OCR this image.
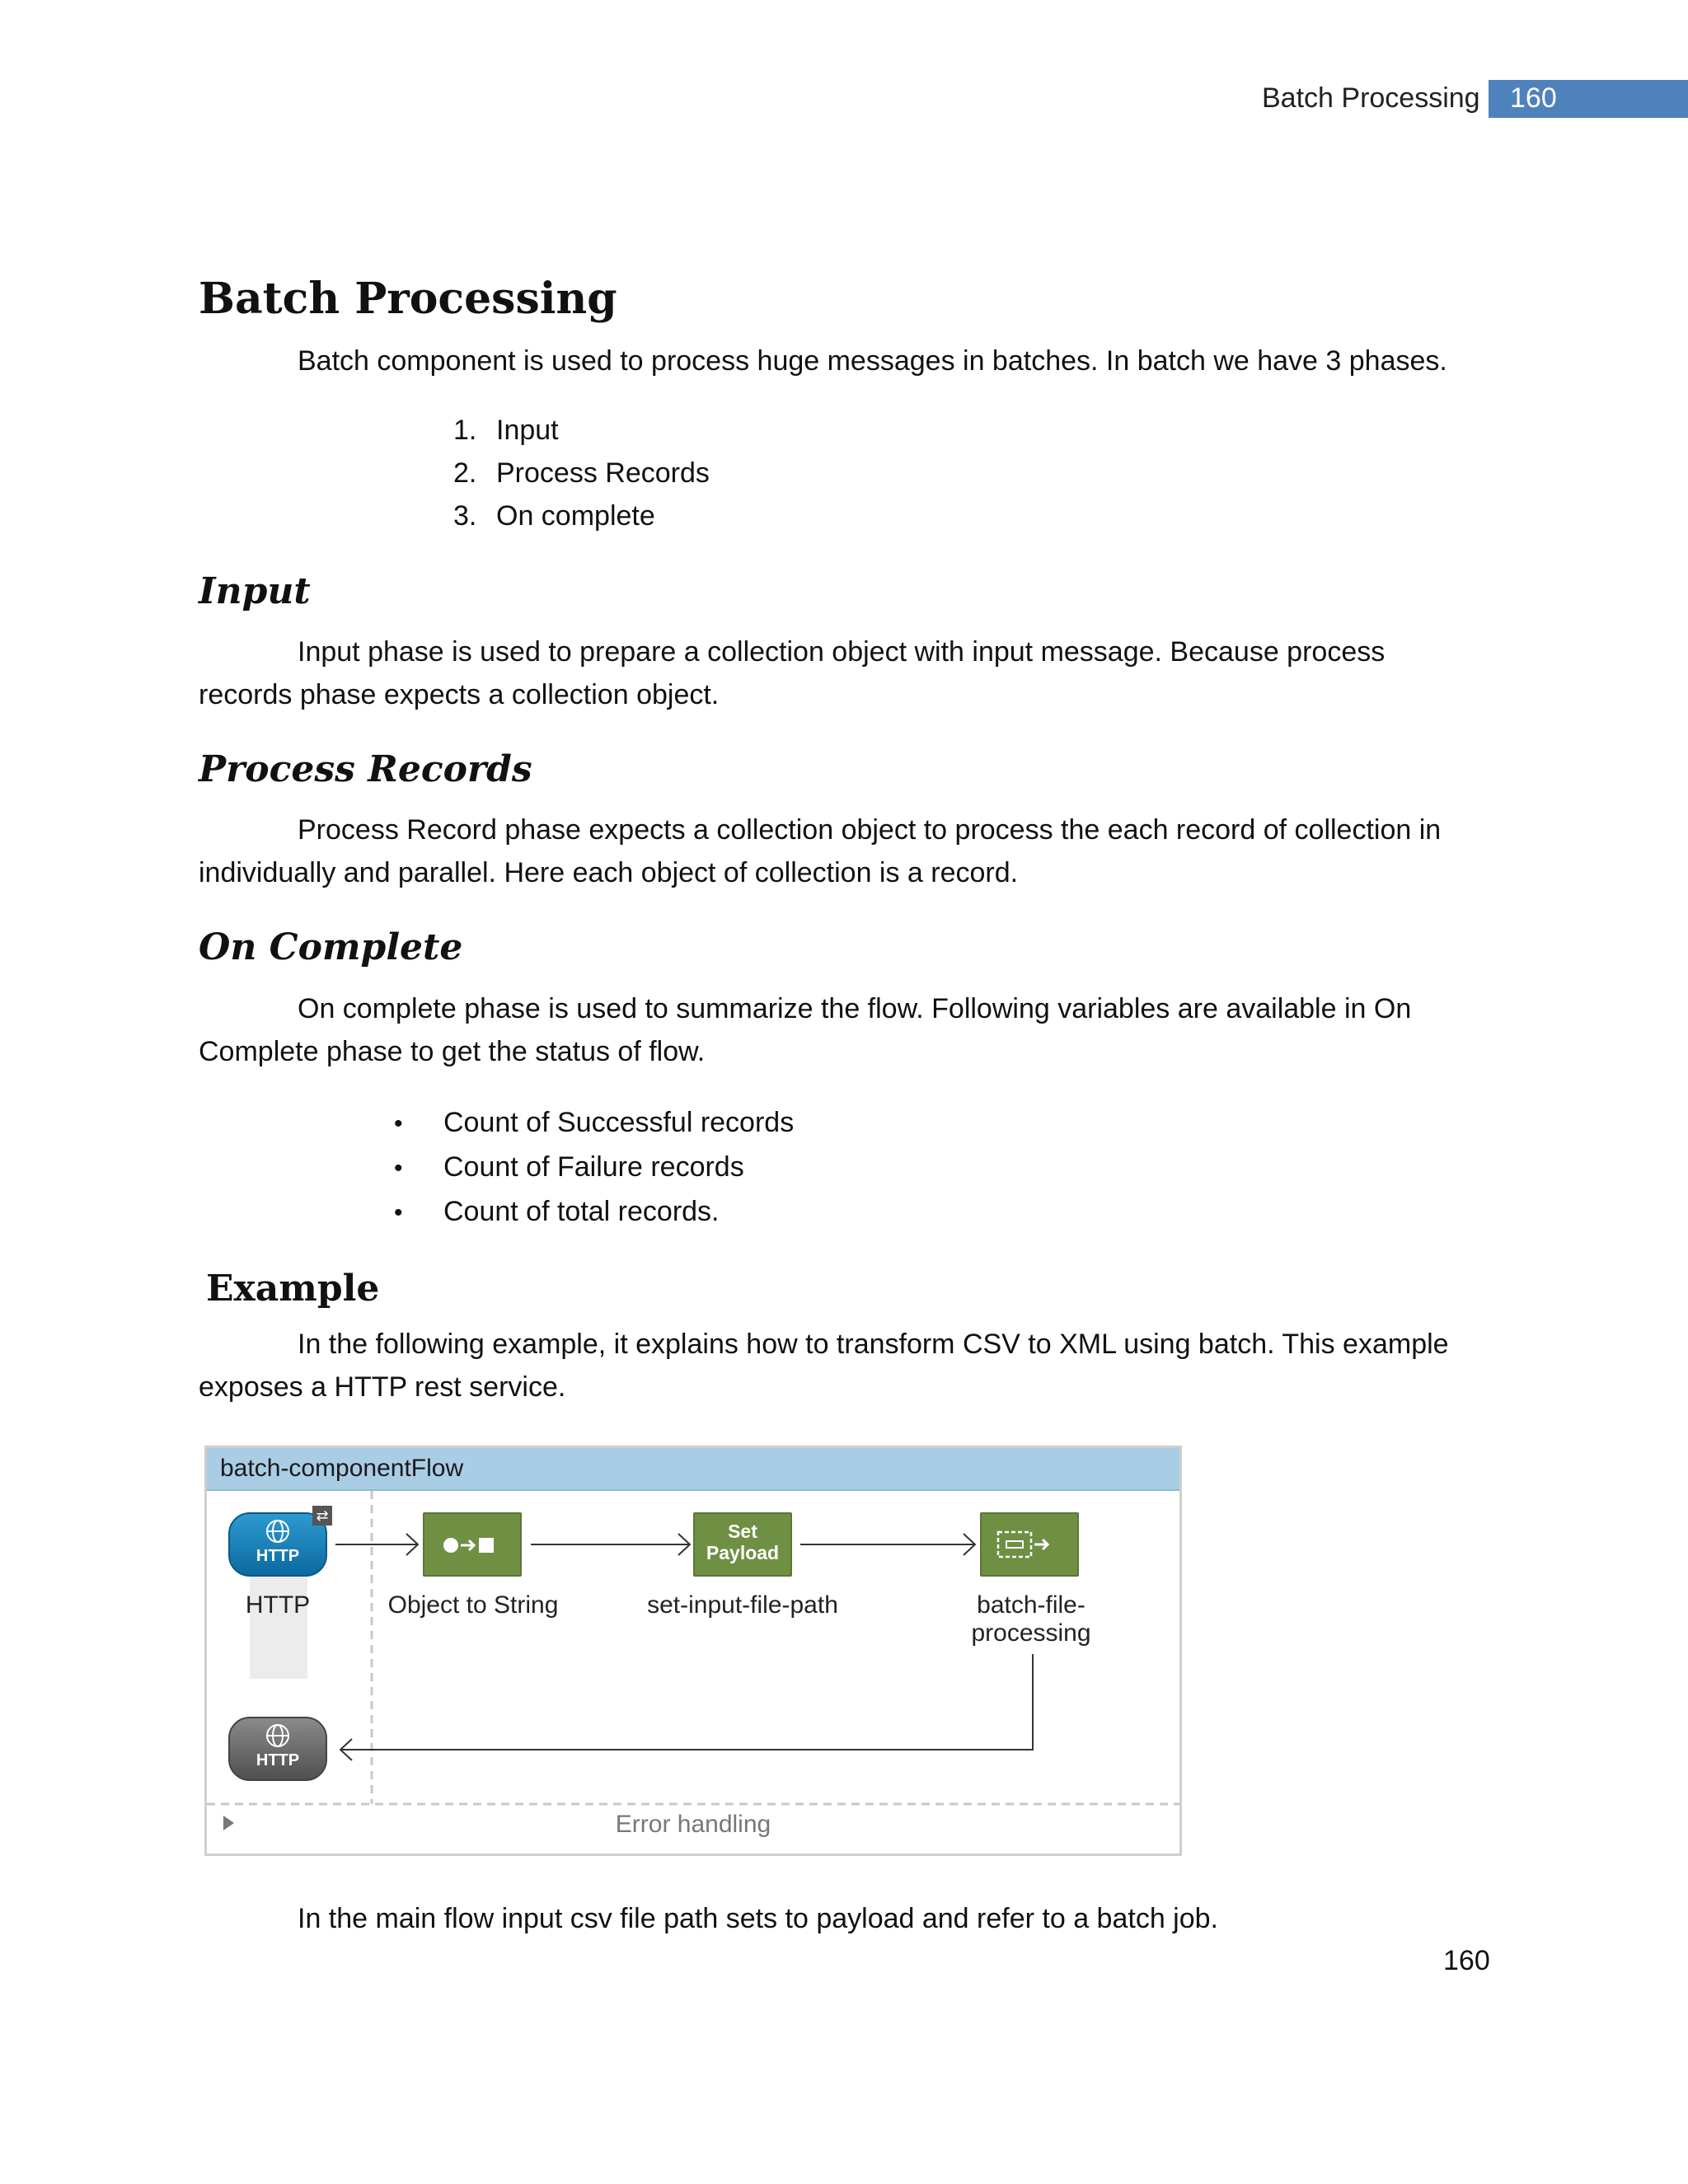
Batch Processing 160
Batch Processing

Batch component is used to process huge messages in batches. In batch we have 3 phases.

1. Input
2. Process Records
3. On complete
Input

Input phase is used to prepare a collection object with input message. Because process records phase expects a collection object.

Process Records

Process Record phase expects a collection object to process the each record of collection in individually and parallel. Here each object of collection is a record.

On Complete

On complete phase is used to summarize the flow. Following variables are available in On Complete phase to get the status of flow.

• Count of Successful records
• Count of Failure records
• Count of total records.
Example

In the following example, it explains how to transform CSV to XML using batch. This example exposes a HTTP rest service.

batch-componentFlow
HTTP
⇄
HTTP	Object to String
Set
Payload
set-input-file-path	batch-file-
processing
HTTP
Error handling

In the main flow input csv file path sets to payload and refer to a batch job.

160
